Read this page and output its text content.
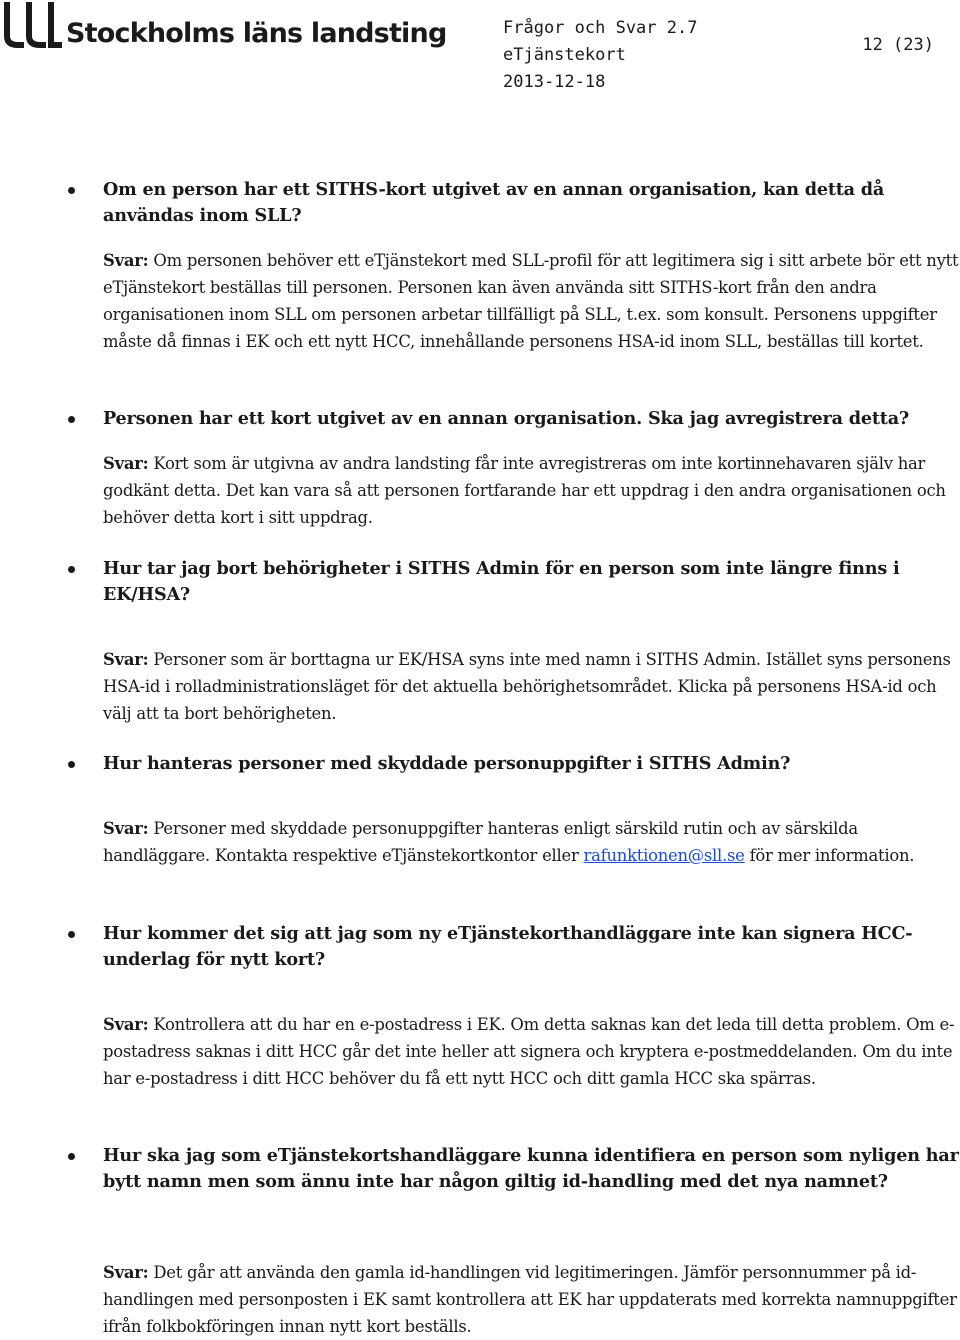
Stockholms läns landsting	Frågor och Svar 2.7
eTjänstekort
2013-12-18
12 (23)

Om en person har ett SITHS-kort utgivet av en annan organisation, kan detta då användas inom SLL?

Svar: Om personen behöver ett eTjänstekort med SLL-profil för att legitimera sig i sitt arbete bör ett nytt eTjänstekort beställas till personen. Personen kan även använda sitt SITHS-kort från den andra organisationen inom SLL om personen arbetar tillfälligt på SLL, t.ex. som konsult. Personens uppgifter måste då finnas i EK och ett nytt HCC, innehållande personens HSA-id inom SLL, beställas till kortet.

Personen har ett kort utgivet av en annan organisation. Ska jag avregistrera detta?

Svar: Kort som är utgivna av andra landsting får inte avregistreras om inte kortinnehavaren själv har godkänt detta. Det kan vara så att personen fortfarande har ett uppdrag i den andra organisationen och behöver detta kort i sitt uppdrag.

Hur tar jag bort behörigheter i SITHS Admin för en person som inte längre finns i EK/HSA?

Svar: Personer som är borttagna ur EK/HSA syns inte med namn i SITHS Admin. Istället syns personens HSA-id i rolladministrationsläget för det aktuella behörighetsområdet. Klicka på personens HSA-id och välj att ta bort behörigheten.

Hur hanteras personer med skyddade personuppgifter i SITHS Admin?

Svar: Personer med skyddade personuppgifter hanteras enligt särskild rutin och av särskilda handläggare. Kontakta respektive eTjänstekortkontor eller rafunktionen@sll.se för mer information.

Hur kommer det sig att jag som ny eTjänstekorthandläggare inte kan signera HCC-underlag för nytt kort?

Svar: Kontrollera att du har en e-postadress i EK. Om detta saknas kan det leda till detta problem. Om e-postadress saknas i ditt HCC går det inte heller att signera och kryptera e-postmeddelanden. Om du inte har e-postadress i ditt HCC behöver du få ett nytt HCC och ditt gamla HCC ska spärras.

Hur ska jag som eTjänstekortshandläggare kunna identifiera en person som nyligen har bytt namn men som ännu inte har någon giltig id-handling med det nya namnet?

Svar: Det går att använda den gamla id-handlingen vid legitimeringen. Jämför personnummer på id-handlingen med personposten i EK samt kontrollera att EK har uppdaterats med korrekta namnuppgifter ifrån folkbokföringen innan nytt kort beställs.
